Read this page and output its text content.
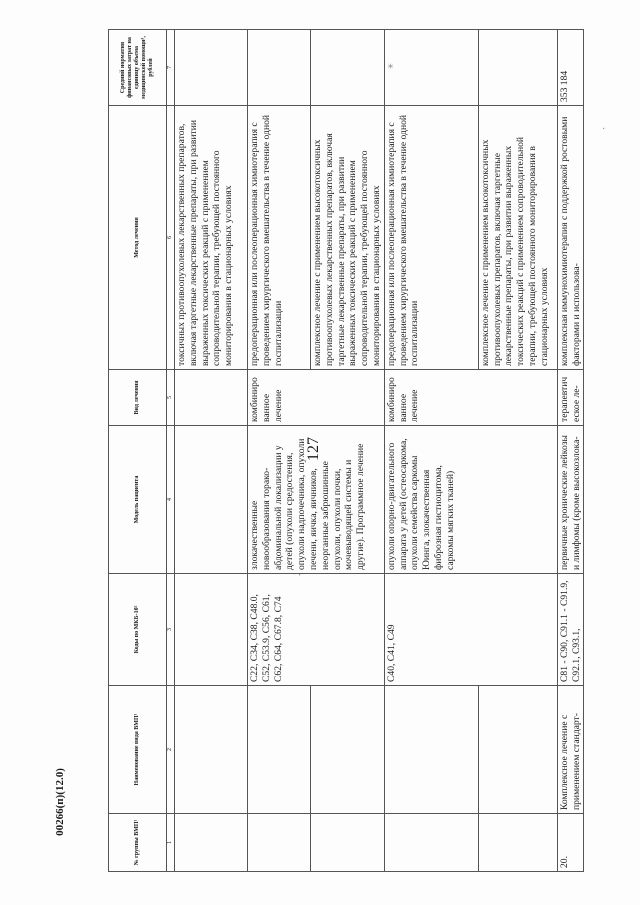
127
00266(п)(12.0)
⁎
·
ʻ
№ группы ВМП¹	Наименование вида ВМП¹	Коды по МКБ-10²	Модель пациента	Вид лечения	Метод лечения	Средний норматив финансовых затрат на единицу объема медицинской помощи³, рублей
1	2	3	4	5	6	7
					токсичных противоопухолевых лекарственных препаратов, включая таргетные лекарственные препараты, при развитии выраженных токсических реакций с применением сопроводительной терапии, требующей постоянного мониторирования в стационарных условиях	
		C22, C34, C38, C48.0, C52, C53.9, C56, C61, C62, C64, C67.8, C74	злокачественные новообразования торако-абдоминальной локализации у детей (опухоли средостения, опухоли надпочечника, опухоли печени, яичка, яичников, неорганные забрюшинные опухоли, опухоли почки, мочевыводящей системы и другие). Программное лечение	комбинированное лечение	предоперационная или послеоперационная химиотерапия с проведением хирургического вмешательства в течение одной госпитализации	
					комплексное лечение с применением высокотоксичных противоопухолевых лекарственных препаратов, включая таргетные лекарственные препараты, при развитии выраженных токсических реакций с применением сопроводительной терапии, требующей постоянного мониторирования в стационарных условиях	
		C40, C41, C49	опухоли опорно-двигательного аппарата у детей (остеосаркома, опухоли семейства саркомы Юинга, злокачественная фиброзная гистиоцитома, саркомы мягких тканей)	комбинированное лечение	предоперационная или послеоперационная химиотерапия с проведением хирургического вмешательства в течение одной госпитализации	
					комплексное лечение с применением высокотоксичных противоопухолевых препаратов, включая таргетные лекарственные препараты, при развитии выраженных токсических реакций с применением сопроводительной терапии, требующей постоянного мониторирования в стационарных условиях	
20.	Комплексное лечение с применением стандарт-	C81 - C90, C91.1 - C91.9, C92.1, C93.1,	первичные хронические лейкозы и лимфомы (кроме высокозлока-	терапевтическое ле-	комплексная иммунохимиотерапия с поддержкой ростовыми факторами и использова-	353 184
